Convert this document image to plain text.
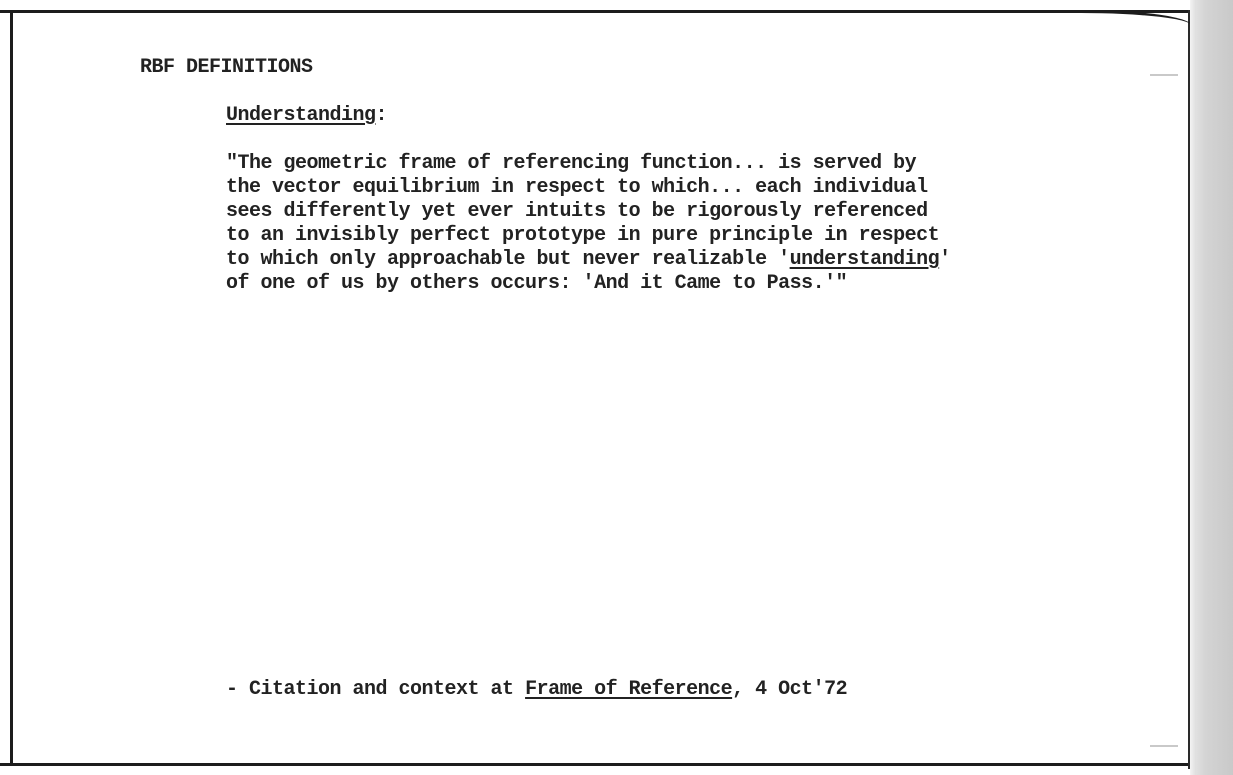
RBF DEFINITIONS
Understanding:
"The geometric frame of referencing function... is served by
the vector equilibrium in respect to which... each individual
sees differently yet ever intuits to be rigorously referenced
to an invisibly perfect prototype in pure principle in respect
to which only approachable but never realizable 'understanding'
of one of us by others occurs: 'And it Came to Pass.'"
- Citation and context at Frame of Reference, 4 Oct'72
